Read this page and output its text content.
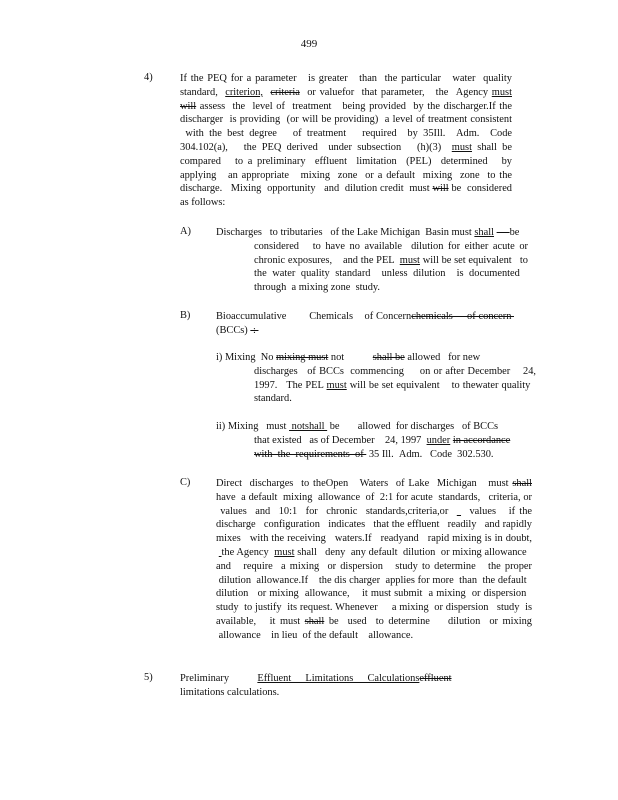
499
4)	If the PEQ for a parameter   is greater   than  the particular   water  quality standard,  criterion, criteria  or valuefor  that parameter,   the  Agency must will assess  the  level of  treatment   being provided  by the discharger.If the discharger  is providing  (or will be providing)  a level of treatment consistent  with the best degree   of treatment   required  by 35Ill.  Adm.  Code 304.102(a),   the PEQ derived  under subsection   (h)(3)  must shall be compared   to a preliminary  effluent  limitation  (PEL)  determined   by applying   an appropriate   mixing  zone  or a default  mixing  zone  to the discharge.   Mixing  opportunity   and  dilution credit  must will be  considered as follows:

A) Discharges   to tributaries   of the Lake Michigan  Basin must shall be

considered   to have no available  dilution for either acute or chronic exposures,    and the PEL  must will be set equivalent   to the water quality standard  unless dilution  is documented   through  a mixing zone  study.

B) Bioaccumulative        Chemicals    of Concernchemicals     of concern  (BCCs)  :

i) Mixing  No mixing must not           shall be allowed   for new

discharges   of BCCs  commencing     on or after December    24, 1997.   The PEL must will be set equivalent    to thewater quality   standard.

ii) Mixing   must  notshall  be       allowed  for discharges   of BCCs

that existed   as of December    24, 1997  under in accordance

with  the  requirements  of  35 Ill.  Adm.   Code  302.530.

C) Direct  discharges  to theOpen   Waters  of Lake  Michigan   must shall have  a default  mixing  allowance  of  2:1 for acute  standards,   criteria, or  values  and  10:1  for  chronic  standards,criteria,or     values   if the discharge   configuration   indicates   that the effluent   readily   and rapidly mixes   with the receiving   waters.If   readyand   rapid mixing is in doubt,   the Agency  must shall   deny  any default  dilution  or mixing allowance   and   require  a mixing  or dispersion   study to determine   the proper  dilution  allowance.If    the dis charger  applies for more  than  the default   dilution   or mixing  allowance,    it must submit  a mixing  or dispersion   study  to justify  its request. Whenever     a mixing  or dispersion   study  is available,   it must shall be  used  to determine    dilution  or mixing  allowance    in lieu  of the default    allowance.

5)	Preliminary        Effluent    Limitations    Calculationseffluent           limitations calculations.
